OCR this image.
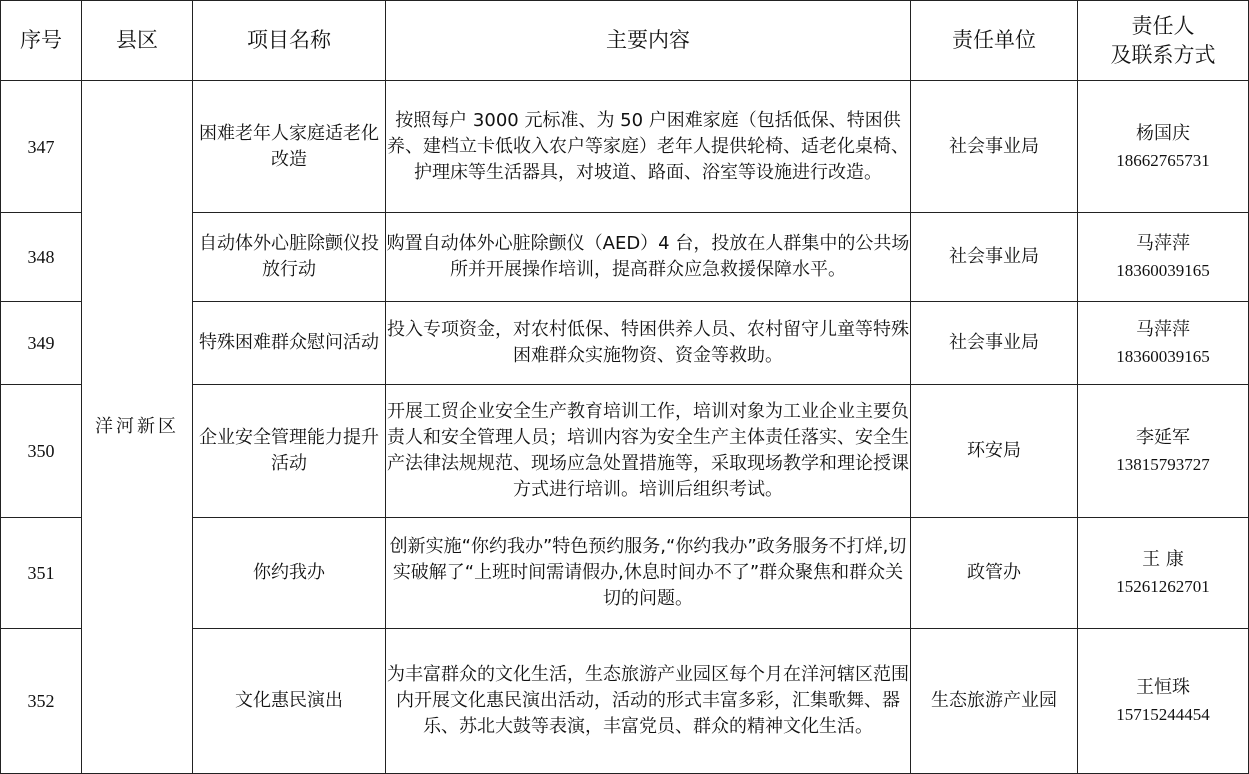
序号	县区	项目名称	主要内容	责任单位	责任人
及联系方式

347	洋河新区	困难老年人家庭适老化改造	按照每户 3000 元标准、为 50 户困难家庭（包括低保、特困供养、建档立卡低收入农户等家庭）老年人提供轮椅、适老化桌椅、护理床等生活器具，对坡道、路面、浴室等设施进行改造。	社会事业局	杨国庆
18662765731

348		自动体外心脏除颤仪投放行动	购置自动体外心脏除颤仪（AED）4 台，投放在人群集中的公共场所并开展操作培训，提高群众应急救援保障水平。	社会事业局	马萍萍
18360039165

349		特殊困难群众慰问活动	投入专项资金，对农村低保、特困供养人员、农村留守儿童等特殊困难群众实施物资、资金等救助。	社会事业局	马萍萍
18360039165

350		企业安全管理能力提升活动	开展工贸企业安全生产教育培训工作，培训对象为工业企业主要负责人和安全管理人员；培训内容为安全生产主体责任落实、安全生产法律法规规范、现场应急处置措施等，采取现场教学和理论授课方式进行培训。培训后组织考试。	环安局	李延军
13815793727

351		你约我办	创新实施“你约我办”特色预约服务,“你约我办”政务服务不打烊,切实破解了“上班时间需请假办,休息时间办不了”群众聚焦和群众关切的问题。	政管办	王 康
15261262701

352		文化惠民演出	为丰富群众的文化生活，生态旅游产业园区每个月在洋河辖区范围内开展文化惠民演出活动，活动的形式丰富多彩，汇集歌舞、器乐、苏北大鼓等表演，丰富党员、群众的精神文化生活。	生态旅游产业园	王恒珠
15715244454
